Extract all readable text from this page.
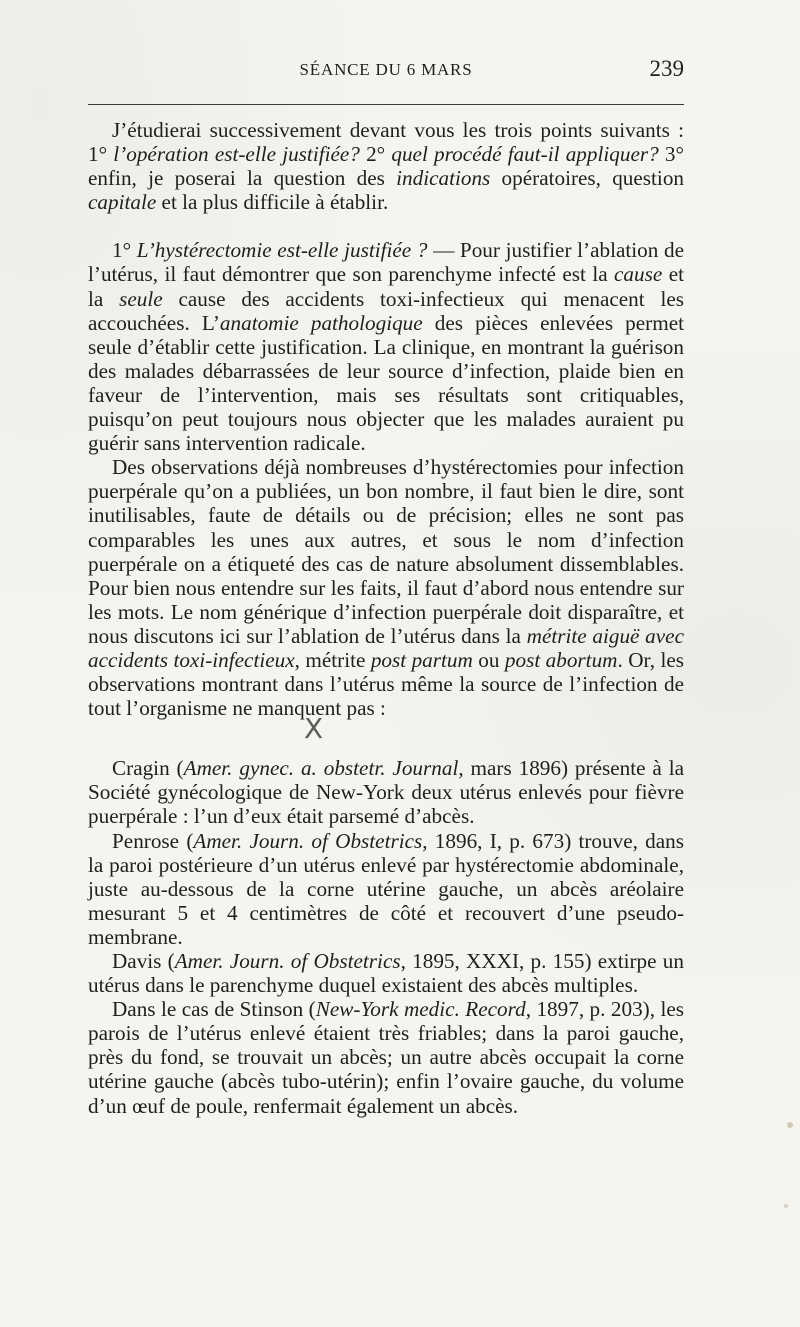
SÉANCE DU 6 MARS	239

J’étudierai successivement devant vous les trois points suivants : 1° l’opération est-elle justifiée? 2° quel procédé faut-il appliquer? 3° enfin, je poserai la question des indications opératoires, question capitale et la plus difficile à établir.

1° L’hystérectomie est-elle justifiée ? — Pour justifier l’ablation de l’utérus, il faut démontrer que son parenchyme infecté est la cause et la seule cause des accidents toxi-infectieux qui menacent les accouchées. L’anatomie pathologique des pièces enlevées permet seule d’établir cette justification. La clinique, en montrant la guérison des malades débarrassées de leur source d’infection, plaide bien en faveur de l’intervention, mais ses résultats sont critiquables, puisqu’on peut toujours nous objecter que les malades auraient pu guérir sans intervention radicale.

Des observations déjà nombreuses d’hystérectomies pour infection puerpérale qu’on a publiées, un bon nombre, il faut bien le dire, sont inutilisables, faute de détails ou de précision; elles ne sont pas comparables les unes aux autres, et sous le nom d’infection puerpérale on a étiqueté des cas de nature absolument dissemblables. Pour bien nous entendre sur les faits, il faut d’abord nous entendre sur les mots. Le nom générique d’infection puerpérale doit disparaître, et nous discutons ici sur l’ablation de l’utérus dans la métrite aiguë avec accidents toxi-infectieux, métrite post partum ou post abortum. Or, les observations montrant dans l’utérus même la source de l’infection de tout l’organisme ne manquent pas :

X

Cragin (Amer. gynec. a. obstetr. Journal, mars 1896) présente à la Société gynécologique de New-York deux utérus enlevés pour fièvre puerpérale : l’un d’eux était parsemé d’abcès.

Penrose (Amer. Journ. of Obstetrics, 1896, I, p. 673) trouve, dans la paroi postérieure d’un utérus enlevé par hystérectomie abdominale, juste au-dessous de la corne utérine gauche, un abcès aréolaire mesurant 5 et 4 centimètres de côté et recouvert d’une pseudo-membrane.

Davis (Amer. Journ. of Obstetrics, 1895, XXXI, p. 155) extirpe un utérus dans le parenchyme duquel existaient des abcès multiples.

Dans le cas de Stinson (New-York medic. Record, 1897, p. 203), les parois de l’utérus enlevé étaient très friables; dans la paroi gauche, près du fond, se trouvait un abcès; un autre abcès occupait la corne utérine gauche (abcès tubo-utérin); enfin l’ovaire gauche, du volume d’un œuf de poule, renfermait également un abcès.
